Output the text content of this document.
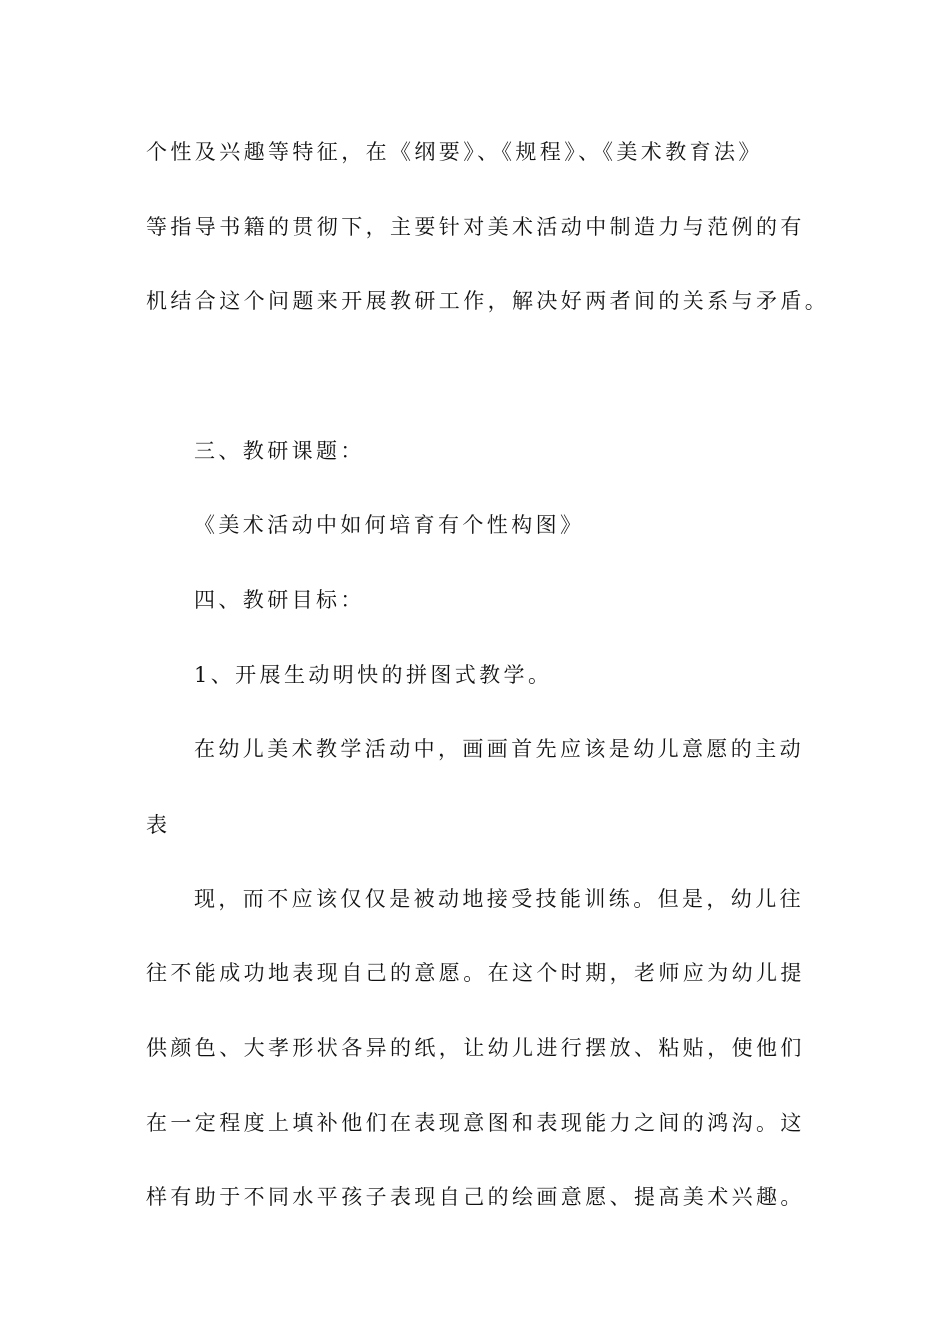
个性及兴趣等特征，在《纲要》、《规程》、《美术教育法》

等指导书籍的贯彻下，主要针对美术活动中制造力与范例的有

机结合这个问题来开展教研工作，解决好两者间的关系与矛盾。

三、教研课题：

《美术活动中如何培育有个性构图》

四、教研目标：

1、开展生动明快的拼图式教学。

在幼儿美术教学活动中，画画首先应该是幼儿意愿的主动

表

现，而不应该仅仅是被动地接受技能训练。但是，幼儿往

往不能成功地表现自己的意愿。在这个时期，老师应为幼儿提

供颜色、大孝形状各异的纸，让幼儿进行摆放、粘贴，使他们

在一定程度上填补他们在表现意图和表现能力之间的鸿沟。这

样有助于不同水平孩子表现自己的绘画意愿、提高美术兴趣。
